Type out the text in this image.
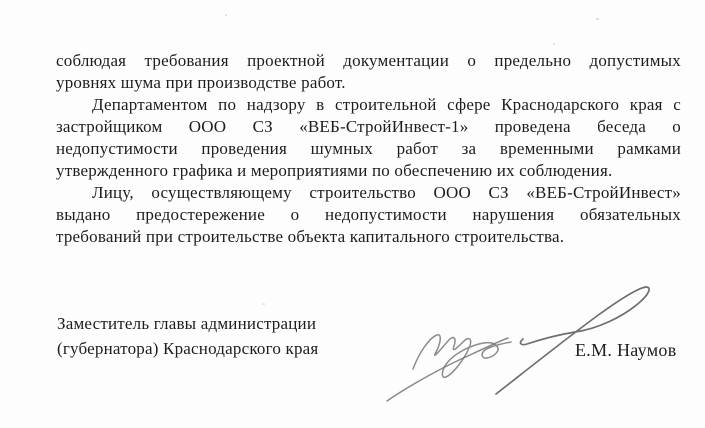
соблюдая требования проектной документации о предельно допустимых
уровнях шума при производстве работ.
Департаментом по надзору в строительной сфере Краснодарского края с
застройщиком ООО СЗ «ВЕБ-СтройИнвест-1» проведена беседа о
недопустимости проведения шумных работ за временными рамками
утвержденного графика и мероприятиями по обеспечению их соблюдения.
Лицу, осуществляющему строительство ООО СЗ «ВЕБ-СтройИнвест»
выдано предостережение о недопустимости нарушения обязательных
требований при строительстве объекта капитального строительства.
Заместитель главы администрации
(губернатора) Краснодарского края	Е.М. Наумов
